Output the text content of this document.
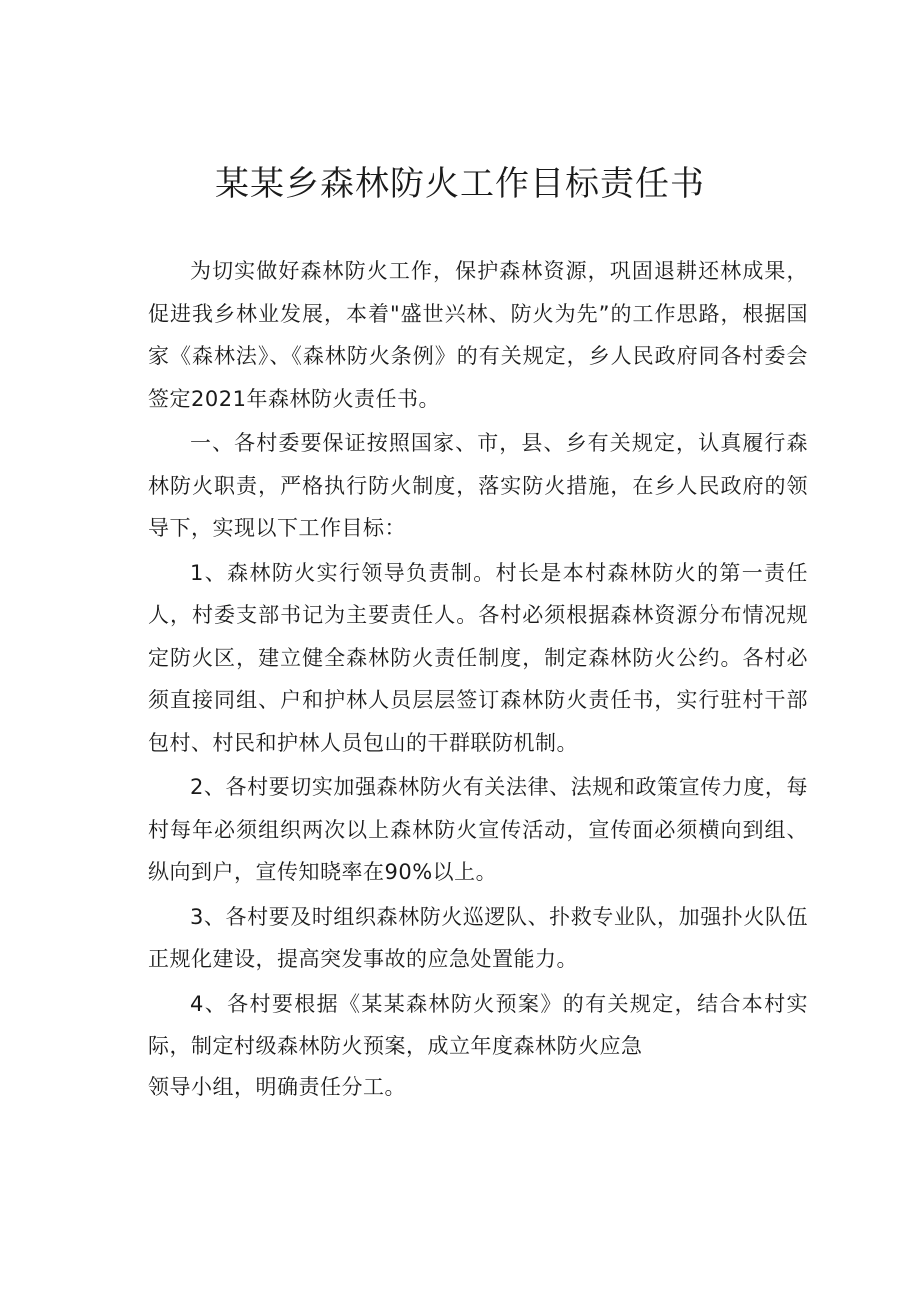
某某乡森林防火工作目标责任书

为切实做好森林防火工作，保护森林资源，巩固退耕还林成果，促进我乡林业发展，本着"盛世兴林、防火为先”的工作思路，根据国家《森林法》、《森林防火条例》的有关规定，乡人民政府同各村委会签定2021年森林防火责任书。

一、各村委要保证按照国家、市，县、乡有关规定，认真履行森林防火职责，严格执行防火制度，落实防火措施，在乡人民政府的领导下，实现以下工作目标：

1、森林防火实行领导负责制。村长是本村森林防火的第一责任人，村委支部书记为主要责任人。各村必须根据森林资源分布情况规定防火区，建立健全森林防火责任制度，制定森林防火公约。各村必须直接同组、户和护林人员层层签订森林防火责任书，实行驻村干部包村、村民和护林人员包山的干群联防机制。

2、各村要切实加强森林防火有关法律、法规和政策宣传力度，每村每年必须组织两次以上森林防火宣传活动，宣传面必须横向到组、纵向到户，宣传知晓率在90%以上。

3、各村要及时组织森林防火巡逻队、扑救专业队，加强扑火队伍正规化建设，提高突发事故的应急处置能力。

4、各村要根据《某某森林防火预案》的有关规定，结合本村实际，制定村级森林防火预案，成立年度森林防火应急

领导小组，明确责任分工。
